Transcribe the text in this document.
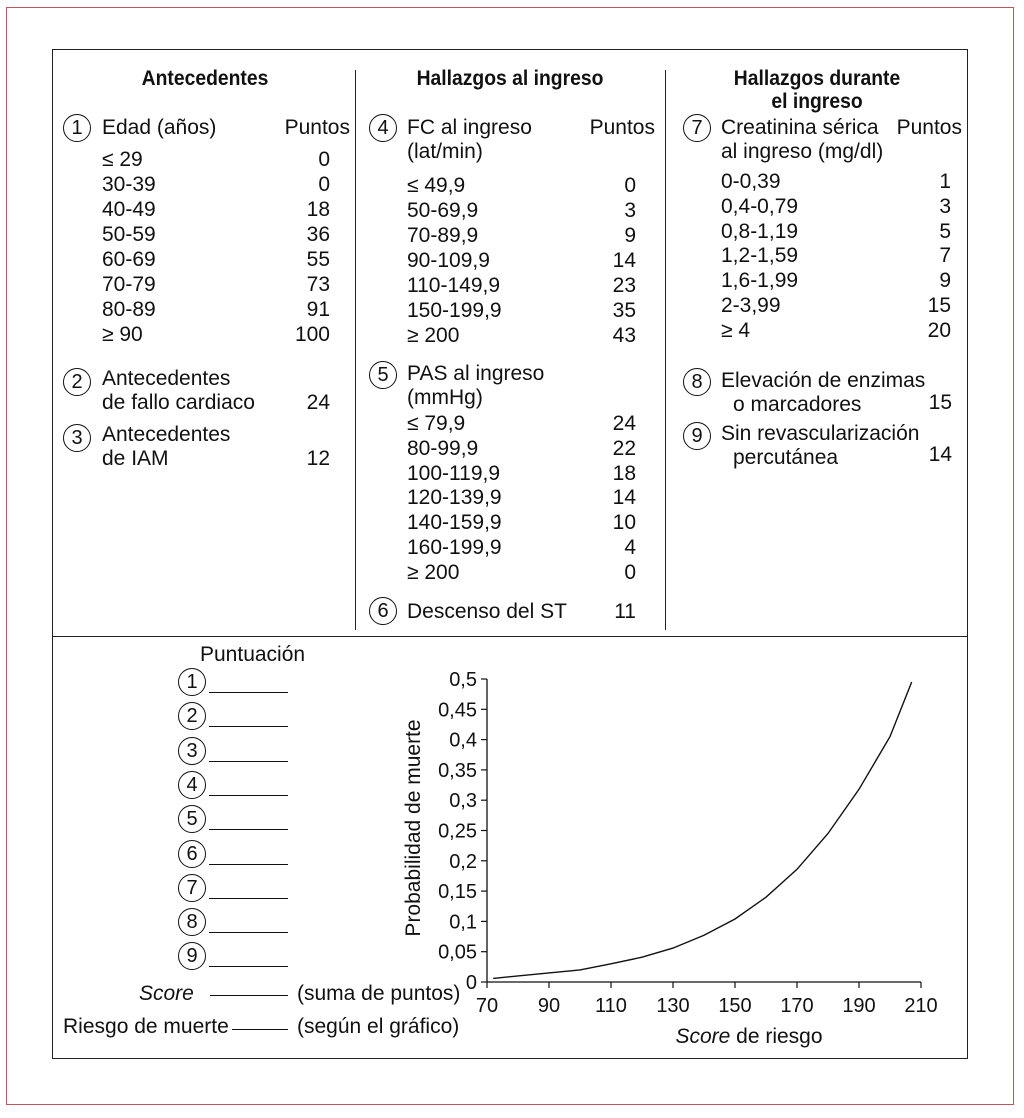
Antecedentes
1 Edad (años)	Puntos
≤ 29	0
30-39	0
40-49	18
50-59	36
60-69	55
70-79	73
80-89	91
≥ 90	100
2 Antecedentes
de fallo cardiaco	24
3 Antecedentes
de IAM	12
Hallazgos al ingreso
4 FC al ingreso
(lat/min)
Puntos
≤ 49,9	0
50-69,9	3
70-89,9	9
90-109,9	14
110-149,9	23
150-199,9	35
≥ 200	43
5 PAS al ingreso
(mmHg)
≤ 79,9	24
80-99,9	22
100-119,9	18
120-139,9	14
140-159,9	10
160-199,9	4
≥ 200	0
6 Descenso del ST	11
Hallazgos durante
el ingreso
7 Creatinina sérica
al ingreso (mg/dl)
Puntos
0-0,39	1
0,4-0,79	3
0,8-1,19	5
1,2-1,59	7
1,6-1,99	9
2-3,99	15
≥ 4	20
8 Elevación de enzimas
o marcadores	15
9 Sin revascularización
percutánea	14
Puntuación
1
2
3
4
5
6
7
8
9
Score	(suma de puntos)
Riesgo de muerte	(según el gráfico)
0
0,05
0,1
0,15
0,2
0,25
0,3
0,35
0,4
0,45
0,5
70 90 110 130 150 170 190 210
Score de riesgo
Probabilidad de muerte
